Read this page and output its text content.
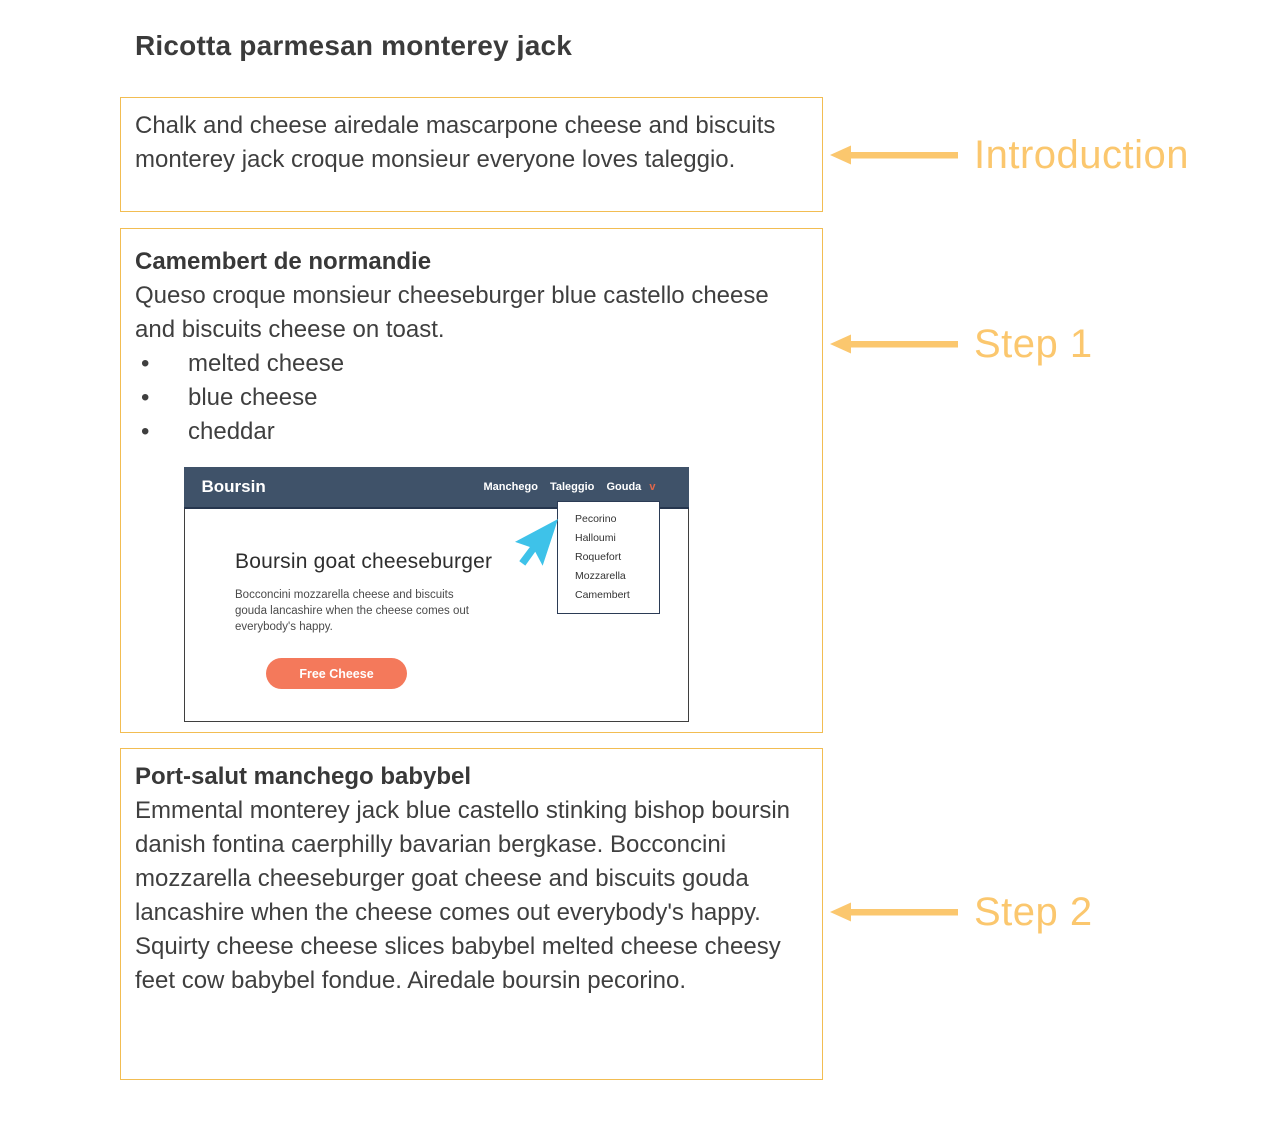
Ricotta parmesan monterey jack

Chalk and cheese airedale mascarpone cheese and biscuits monterey jack croque monsieur everyone loves taleggio.

Camembert de normandie

Queso croque monsieur cheeseburger blue castello cheese and biscuits cheese on toast.

• melted cheese
• blue cheese
• cheddar
Boursin	Manchego Taleggio Gouda v
Pecorino
Halloumi
Roquefort
Mozzarella
Camembert
Boursin goat cheeseburger

Bocconcini mozzarella cheese and biscuits gouda lancashire when the cheese comes out everybody's happy.

Free Cheese
Port-salut manchego babybel

Emmental monterey jack blue castello stinking bishop boursin danish fontina caerphilly bavarian bergkase. Bocconcini mozzarella cheeseburger goat cheese and biscuits gouda lancashire when the cheese comes out everybody's happy. Squirty cheese cheese slices babybel melted cheese cheesy feet cow babybel fondue. Airedale boursin pecorino.

Introduction
Step 1
Step 2
